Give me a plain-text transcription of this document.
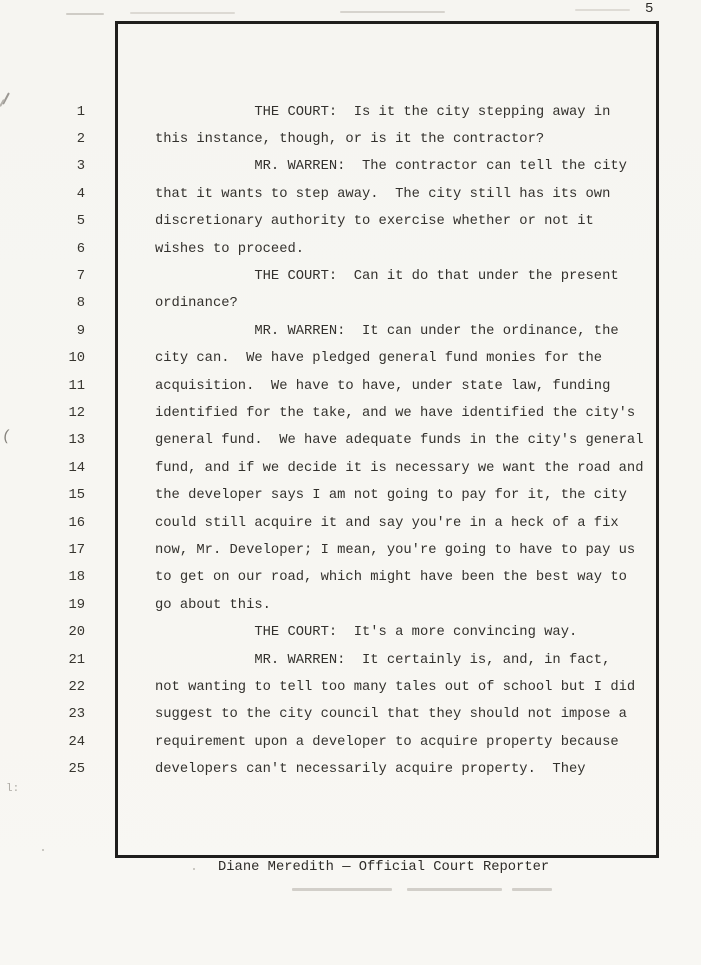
(
l:
5
1	THE COURT:  Is it the city stepping away in
2	this instance, though, or is it the contractor?
3	MR. WARREN:  The contractor can tell the city
4	that it wants to step away.  The city still has its own
5	discretionary authority to exercise whether or not it
6	wishes to proceed.
7	THE COURT:  Can it do that under the present
8	ordinance?
9	MR. WARREN:  It can under the ordinance, the
10	city can.  We have pledged general fund monies for the
11	acquisition.  We have to have, under state law, funding
12	identified for the take, and we have identified the city's
13	general fund.  We have adequate funds in the city's general
14	fund, and if we decide it is necessary we want the road and
15	the developer says I am not going to pay for it, the city
16	could still acquire it and say you're in a heck of a fix
17	now, Mr. Developer; I mean, you're going to have to pay us
18	to get on our road, which might have been the best way to
19	go about this.
20	THE COURT:  It's a more convincing way.
21	MR. WARREN:  It certainly is, and, in fact,
22	not wanting to tell too many tales out of school but I did
23	suggest to the city council that they should not impose a
24	requirement upon a developer to acquire property because
25	developers can't necessarily acquire property.  They
Diane Meredith — Official Court Reporter
